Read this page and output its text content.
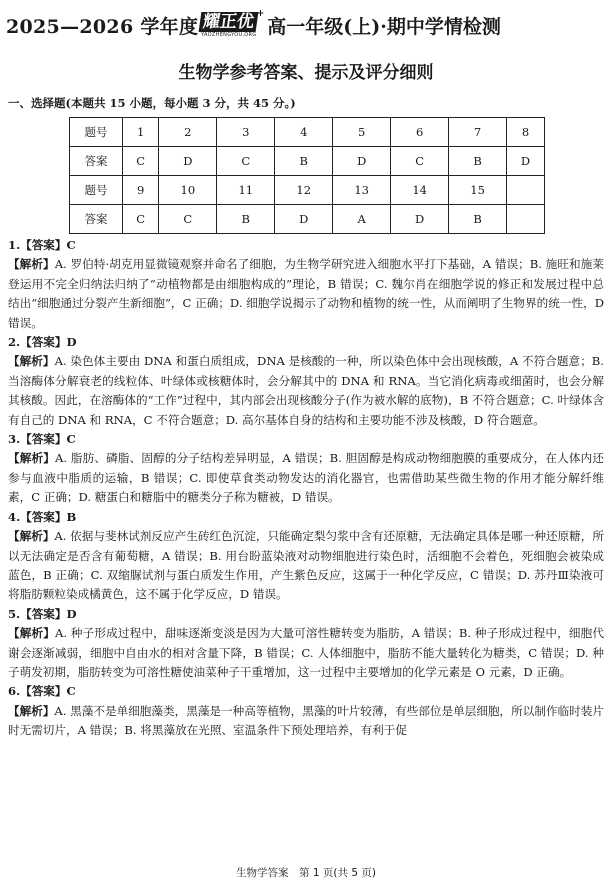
2025—2026 学年度 耀正优
YAOZHENGYOU.ORG
+
高一年级(上)·期中学情检测
生物学参考答案、提示及评分细则
一、选择题(本题共 15 小题，每小题 3 分，共 45 分。)
题号	1	2	3	4	5	6	7	8
答案	C	D	C	B	D	C	B	D
题号	9	10	11	12	13	14	15	
答案	C	C	B	D	A	D	B	

1.【答案】C

【解析】A. 罗伯特·胡克用显微镜观察并命名了细胞，为生物学研究进入细胞水平打下基础，A 错误；B. 施旺和施莱登运用不完全归纳法归纳了“动植物都是由细胞构成的”理论，B 错误；C. 魏尔肖在细胞学说的修正和发展过程中总结出“细胞通过分裂产生新细胞”，C 正确；D. 细胞学说揭示了动物和植物的统一性，从而阐明了生物界的统一性，D 错误。

2.【答案】D

【解析】A. 染色体主要由 DNA 和蛋白质组成，DNA 是核酸的一种，所以染色体中会出现核酸，A 不符合题意；B. 当溶酶体分解衰老的线粒体、叶绿体或核糖体时，会分解其中的 DNA 和 RNA。当它消化病毒或细菌时，也会分解其核酸。因此，在溶酶体的“工作”过程中，其内部会出现核酸分子(作为被水解的底物)，B 不符合题意；C. 叶绿体含有自己的 DNA 和 RNA，C 不符合题意；D. 高尔基体自身的结构和主要功能不涉及核酸，D 符合题意。

3.【答案】C

【解析】A. 脂肪、磷脂、固醇的分子结构差异明显，A 错误；B. 胆固醇是构成动物细胞膜的重要成分，在人体内还参与血液中脂质的运输，B 错误；C. 即使草食类动物发达的消化器官，也需借助某些微生物的作用才能分解纤维素，C 正确；D. 糖蛋白和糖脂中的糖类分子称为糖被，D 错误。

4.【答案】B

【解析】A. 依据与斐林试剂反应产生砖红色沉淀，只能确定梨匀浆中含有还原糖，无法确定具体是哪一种还原糖，所以无法确定是否含有葡萄糖，A 错误；B. 用台盼蓝染液对动物细胞进行染色时，活细胞不会着色，死细胞会被染成蓝色，B 正确；C. 双缩脲试剂与蛋白质发生作用，产生紫色反应，这属于一种化学反应，C 错误；D. 苏丹Ⅲ染液可将脂肪颗粒染成橘黄色，这不属于化学反应，D 错误。

5.【答案】D

【解析】A. 种子形成过程中，甜味逐渐变淡是因为大量可溶性糖转变为脂肪，A 错误；B. 种子形成过程中，细胞代谢会逐渐减弱，细胞中自由水的相对含量下降，B 错误；C. 人体细胞中，脂肪不能大量转化为糖类，C 错误；D. 种子萌发初期，脂肪转变为可溶性糖使油菜种子干重增加，这一过程中主要增加的化学元素是 O 元素，D 正确。

6.【答案】C

【解析】A. 黑藻不是单细胞藻类，黑藻是一种高等植物，黑藻的叶片较薄，有些部位是单层细胞，所以制作临时装片时无需切片，A 错误；B. 将黑藻放在光照、室温条件下预处理培养，有利于促

生物学答案　第 1 页(共 5 页)
